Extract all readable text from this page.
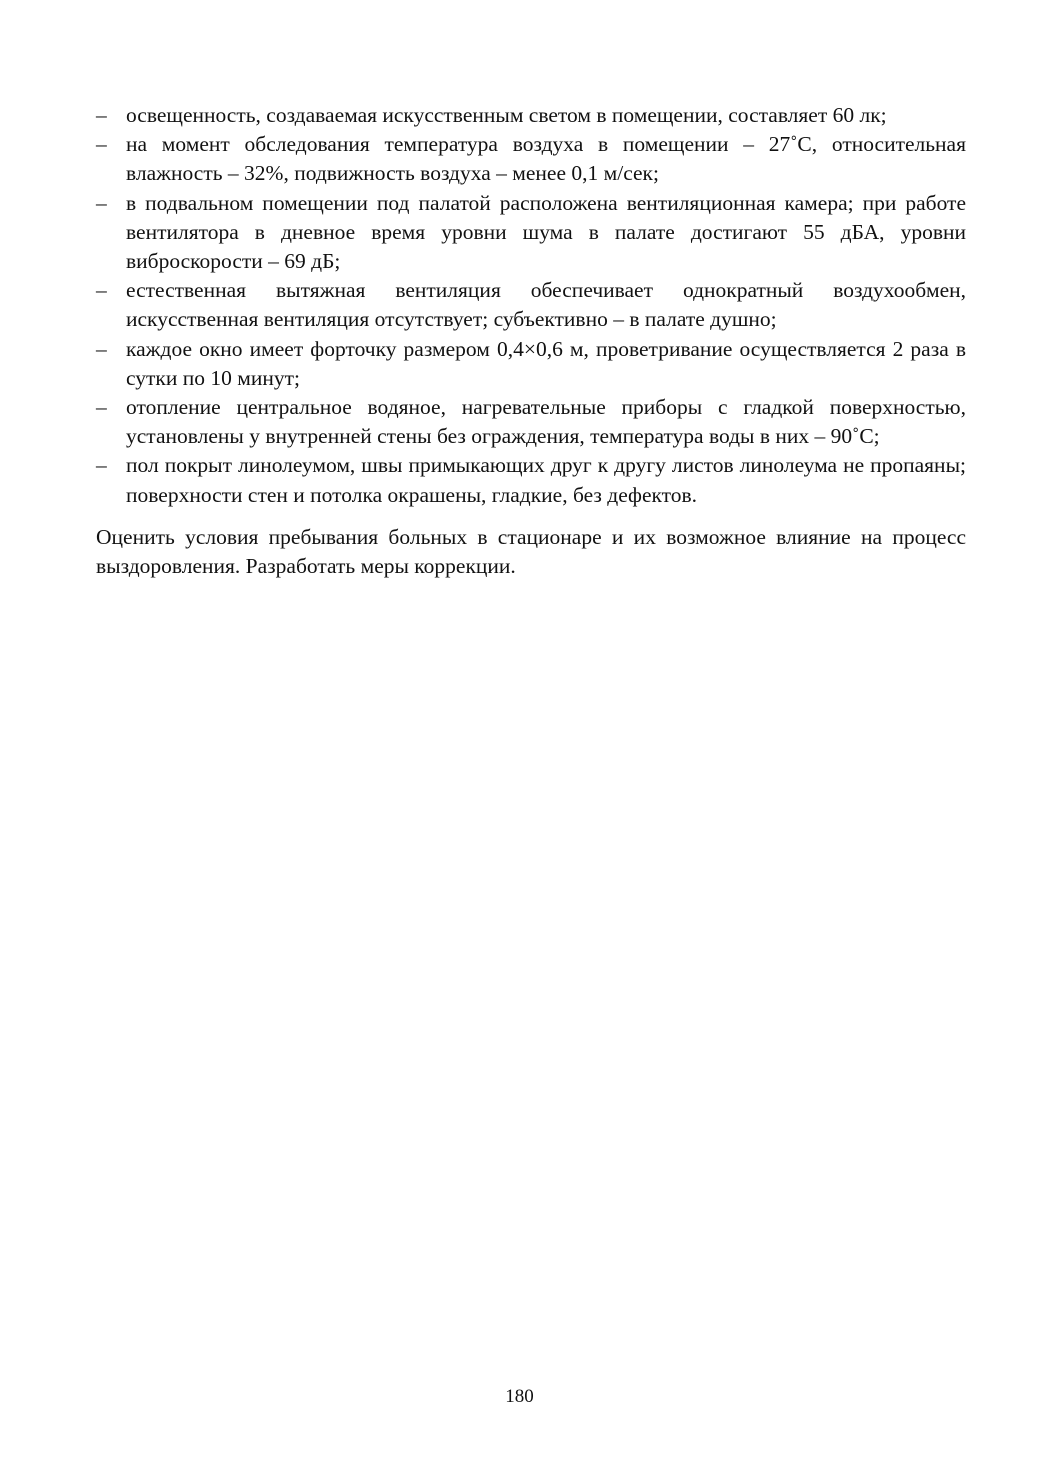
– освещенность, создаваемая искусственным светом в помещении, составляет 60 лк;
– на момент обследования температура воздуха в помещении – 27˚С, относительная влажность – 32%, подвижность воздуха – менее 0,1 м/сек;
– в подвальном помещении под палатой расположена вентиляционная камера; при работе вентилятора в дневное время уровни шума в палате достигают 55 дБА, уровни виброскорости – 69 дБ;
– естественная вытяжная вентиляция обеспечивает однократный воздухообмен, искусственная вентиляция отсутствует; субъективно – в палате душно;
– каждое окно имеет форточку размером 0,4×0,6 м, проветривание осуществляется 2 раза в сутки по 10 минут;
– отопление центральное водяное, нагревательные приборы с гладкой поверхностью, установлены у внутренней стены без ограждения, температура воды в них – 90˚С;
– пол покрыт линолеумом, швы примыкающих друг к другу листов линолеума не пропаяны; поверхности стен и потолка окрашены, гладкие, без дефектов.
Оценить условия пребывания больных в стационаре и их возможное влияние на процесс выздоровления. Разработать меры коррекции.
180
